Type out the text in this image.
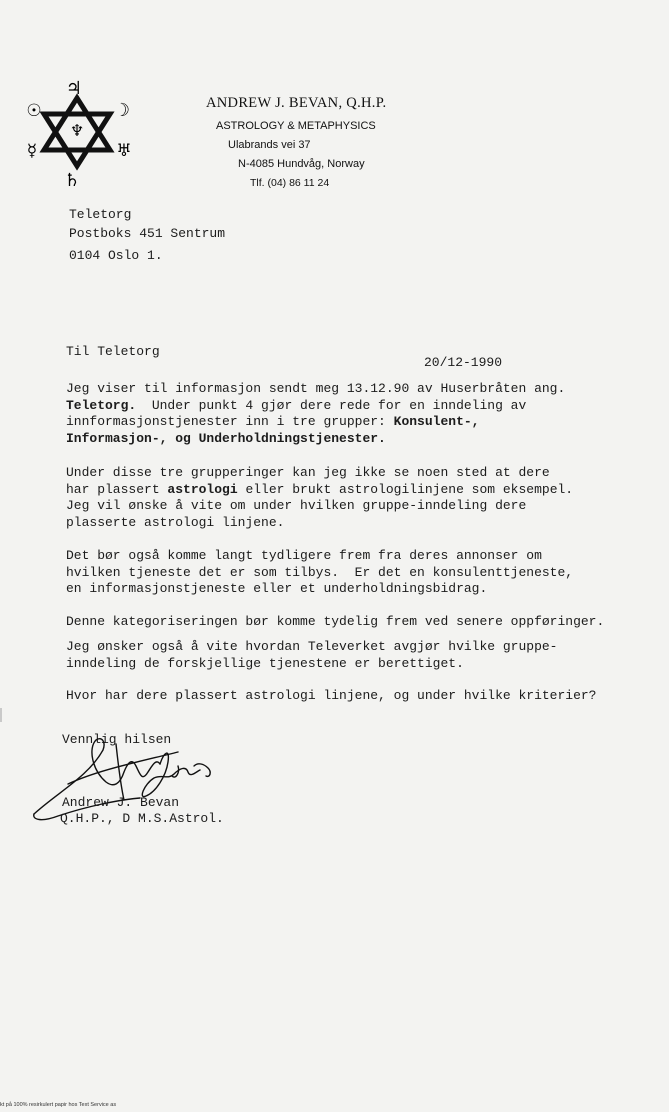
♃
☉	☽
☿	♅
♆
♄
ANDREW J. BEVAN, Q.H.P.
ASTROLOGY & METAPHYSICS
Ulabrands vei 37
N-4085 Hundvåg, Norway
Tlf. (04) 86 11 24
Teletorg
Postboks 451 Sentrum
0104 Oslo 1.
Til Teletorg
20/12-1990
Jeg viser til informasjon sendt meg 13.12.90 av Huserbråten ang.
Teletorg.  Under punkt 4 gjør dere rede for en inndeling av
innformasjonstjenester inn i tre grupper: Konsulent-,
Informasjon-, og Underholdningstjenester.
Under disse tre grupperinger kan jeg ikke se noen sted at dere
har plassert astrologi eller brukt astrologilinjene som eksempel.
Jeg vil ønske å vite om under hvilken gruppe-inndeling dere
plasserte astrologi linjene.
Det bør også komme langt tydligere frem fra deres annonser om
hvilken tjeneste det er som tilbys.  Er det en konsulenttjeneste,
en informasjonstjeneste eller et underholdningsbidrag.
Denne kategoriseringen bør komme tydelig frem ved senere oppføringer.
Jeg ønsker også å vite hvordan Televerket avgjør hvilke gruppe-
inndeling de forskjellige tjenestene er berettiget.
Hvor har dere plassert astrologi linjene, og under hvilke kriterier?
Vennlig hilsen
Andrew J. Bevan
Q.H.P., D M.S.Astrol.
kt på 100% resirkulert papir hos Text Service as
